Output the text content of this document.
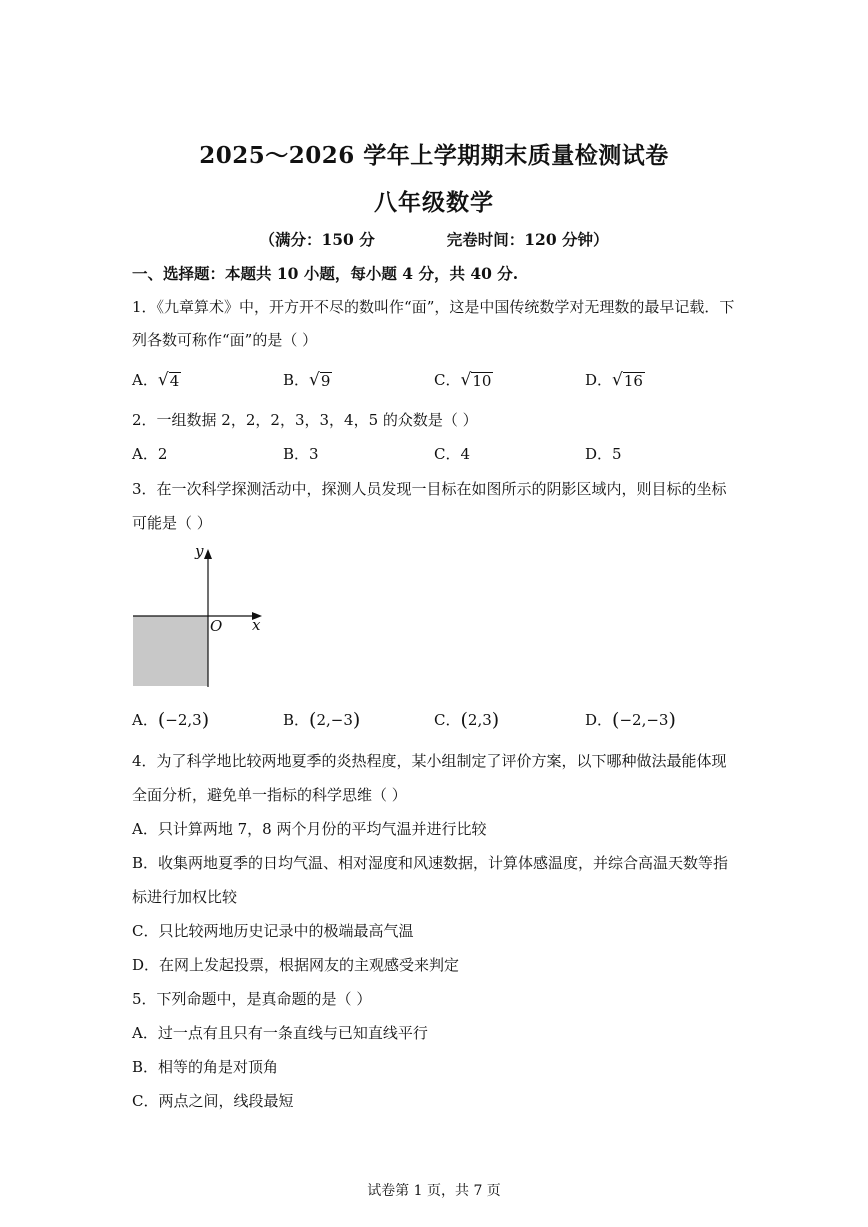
2025～2026 学年上学期期末质量检测试卷
八年级数学
（满分：150 分	完卷时间：120 分钟）
一、选择题：本题共 10 小题，每小题 4 分，共 40 分.
1．《九章算术》中，开方开不尽的数叫作“面”，这是中国传统数学对无理数的最早记载．下
列各数可称作“面”的是（ ）
A． √ 4	B． √ 9	C． √ 10	D． √ 16
2．一组数据 2，2，2，3，3，4，5 的众数是（ ）
A．2	B．3	C．4	D．5
3．在一次科学探测活动中，探测人员发现一目标在如图所示的阴影区域内，则目标的坐标
可能是（ ）
y
x
O
A．(−2,3)	B．(2,−3)	C．(2,3)	D．(−2,−3)
4．为了科学地比较两地夏季的炎热程度，某小组制定了评价方案，以下哪种做法最能体现
全面分析，避免单一指标的科学思维（ ）
A．只计算两地 7，8 两个月份的平均气温并进行比较
B．收集两地夏季的日均气温、相对湿度和风速数据，计算体感温度，并综合高温天数等指
标进行加权比较
C．只比较两地历史记录中的极端最高气温
D．在网上发起投票，根据网友的主观感受来判定
5．下列命题中，是真命题的是（ ）
A．过一点有且只有一条直线与已知直线平行
B．相等的角是对顶角
C．两点之间，线段最短
试卷第 1 页，共 7 页
